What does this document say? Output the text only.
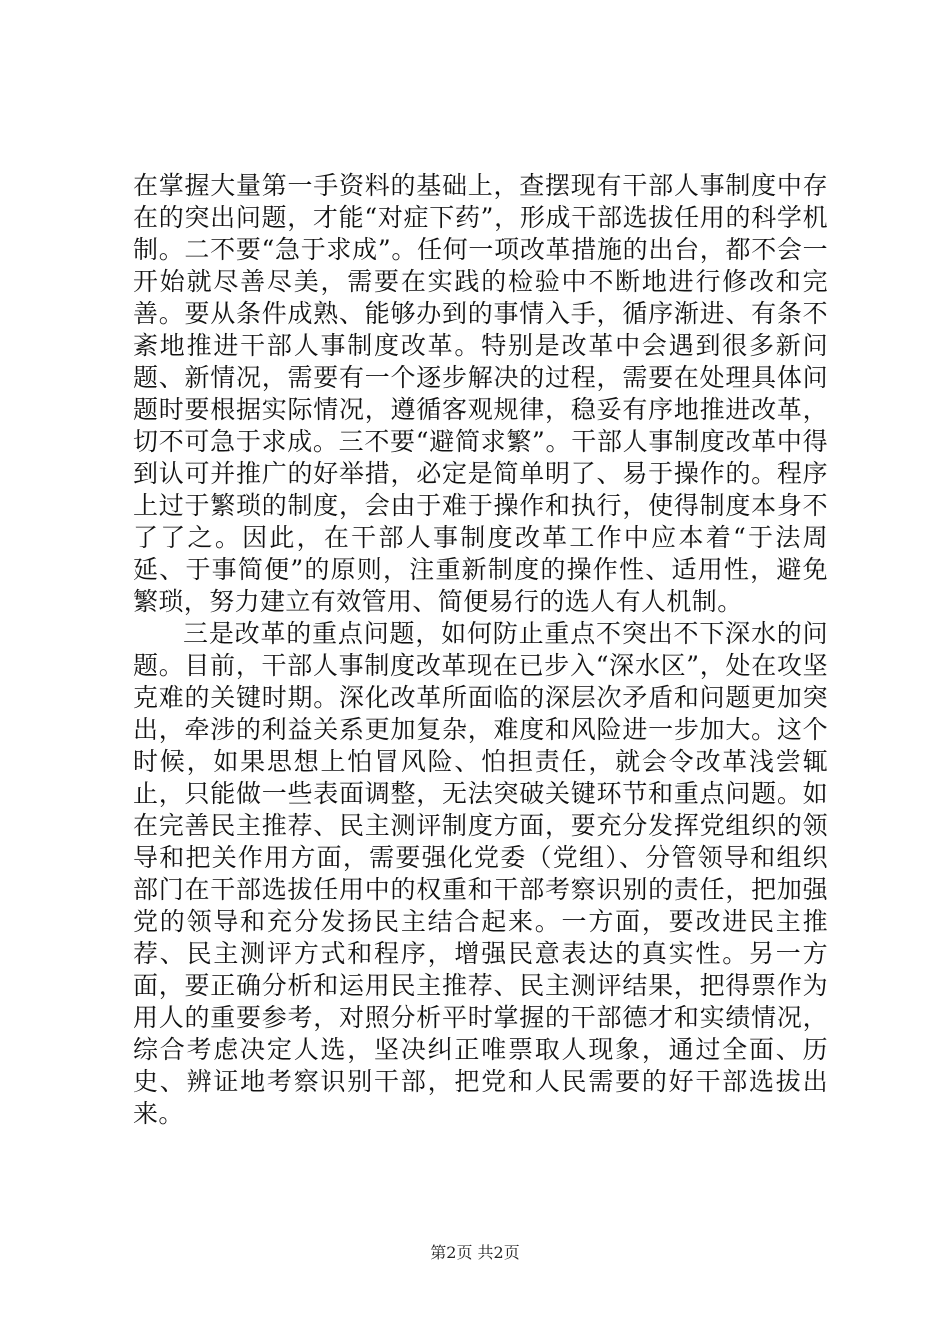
在掌握大量第一手资料的基础上，查摆现有干部人事制度中存在的突出问题，才能“对症下药”，形成干部选拔任用的科学机制。二不要“急于求成”。任何一项改革措施的出台，都不会一开始就尽善尽美，需要在实践的检验中不断地进行修改和完善。要从条件成熟、能够办到的事情入手，循序渐进、有条不紊地推进干部人事制度改革。特别是改革中会遇到很多新问题、新情况，需要有一个逐步解决的过程，需要在处理具体问题时要根据实际情况，遵循客观规律，稳妥有序地推进改革，切不可急于求成。三不要“避简求繁”。干部人事制度改革中得到认可并推广的好举措，必定是简单明了、易于操作的。程序上过于繁琐的制度，会由于难于操作和执行，使得制度本身不了了之。因此，在干部人事制度改革工作中应本着“于法周延、于事简便”的原则，注重新制度的操作性、适用性，避免繁琐，努力建立有效管用、简便易行的选人有人机制。

三是改革的重点问题，如何防止重点不突出不下深水的问题。目前，干部人事制度改革现在已步入“深水区”，处在攻坚克难的关键时期。深化改革所面临的深层次矛盾和问题更加突出，牵涉的利益关系更加复杂，难度和风险进一步加大。这个时候，如果思想上怕冒风险、怕担责任，就会令改革浅尝辄止，只能做一些表面调整，无法突破关键环节和重点问题。如在完善民主推荐、民主测评制度方面，要充分发挥党组织的领导和把关作用方面，需要强化党委（党组）、分管领导和组织部门在干部选拔任用中的权重和干部考察识别的责任，把加强党的领导和充分发扬民主结合起来。一方面，要改进民主推荐、民主测评方式和程序，增强民意表达的真实性。另一方面，要正确分析和运用民主推荐、民主测评结果，把得票作为用人的重要参考，对照分析平时掌握的干部德才和实绩情况，综合考虑决定人选，坚决纠正唯票取人现象，通过全面、历史、辨证地考察识别干部，把党和人民需要的好干部选拔出来。

第2页 共2页
